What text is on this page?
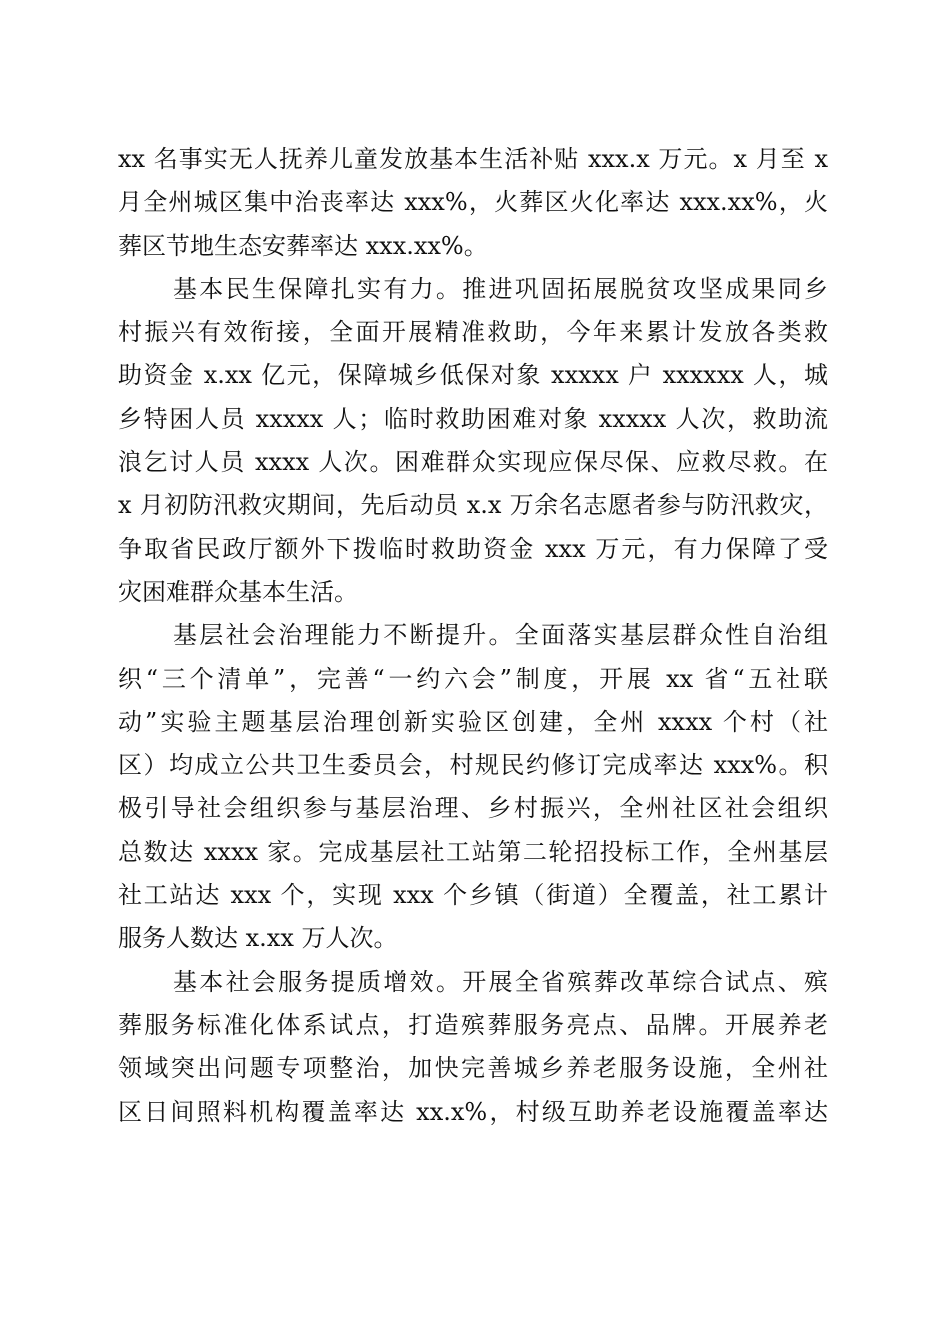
xx 名事实无人抚养儿童发放基本生活补贴 xxx.x 万元。x 月至 x
月全州城区集中治丧率达 xxx%，火葬区火化率达 xxx.xx%，火
葬区节地生态安葬率达 xxx.xx%。
基本民生保障扎实有力。推进巩固拓展脱贫攻坚成果同乡
村振兴有效衔接，全面开展精准救助，今年来累计发放各类救
助资金 x.xx 亿元，保障城乡低保对象 xxxxx 户 xxxxxx 人，城
乡特困人员 xxxxx 人；临时救助困难对象 xxxxx 人次，救助流
浪乞讨人员 xxxx 人次。困难群众实现应保尽保、应救尽救。在
x 月初防汛救灾期间，先后动员 x.x 万余名志愿者参与防汛救灾，
争取省民政厅额外下拨临时救助资金 xxx 万元，有力保障了受
灾困难群众基本生活。
基层社会治理能力不断提升。全面落实基层群众性自治组
织“三个清单”，完善“一约六会”制度，开展 xx 省“五社联
动”实验主题基层治理创新实验区创建，全州 xxxx 个村（社
区）均成立公共卫生委员会，村规民约修订完成率达 xxx%。积
极引导社会组织参与基层治理、乡村振兴，全州社区社会组织
总数达 xxxx 家。完成基层社工站第二轮招投标工作，全州基层
社工站达 xxx 个，实现 xxx 个乡镇（街道）全覆盖，社工累计
服务人数达 x.xx 万人次。
基本社会服务提质增效。开展全省殡葬改革综合试点、殡
葬服务标准化体系试点，打造殡葬服务亮点、品牌。开展养老
领域突出问题专项整治，加快完善城乡养老服务设施，全州社
区日间照料机构覆盖率达 xx.x%，村级互助养老设施覆盖率达
